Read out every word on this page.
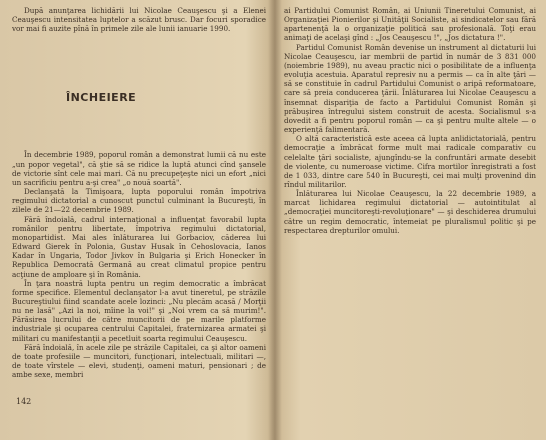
După anunţarea lichidării lui Nicolae Ceauşescu şi a Elenei Ceauşescu intensitatea luptelor a scăzut brusc. Dar focuri sporadice vor mai fi auzite pînă în primele zile ale lunii ianuarie 1990.

ÎNCHEIERE

În decembrie 1989, poporul român a demonstrat lumii că nu este „un popor vegetal", că ştie să se ridice la luptă atunci cînd şansele de victorie sînt cele mai mari. Că nu precupeţeşte nici un efort „nici un sacrificiu pentru a-şi crea" „o nouă soartă".

Declanşată la Timişoara, lupta poporului român împotriva regimului dictatorial a cunoscut punctul culminant la Bucureşti, în zilele de 21—22 decembrie 1989.

Fără îndoială, cadrul internaţional a influenţat favorabil lupta românilor pentru libertate, împotriva regimului dictatorial, monopartidist. Mai ales înlăturarea lui Gorbaciov, căderea lui Edward Gierek în Polonia, Gustav Husak în Cehoslovacia, Ianos Kadar în Ungaria, Todor Jivkov în Bulgaria şi Erich Honecker în Republica Democrată Germană au creat climatul propice pentru acţiune de amploare şi în România.

În ţara noastră lupta pentru un regim democratic a îmbrăcat forme specifice. Elementul declanşator l-a avut tineretul, pe străzile Bucureştiului fiind scandate acele lozinci: „Nu plecăm acasă / Morţii nu ne lasă" „Azi la noi, mîine la voi!" şi „Noi vrem ca să murim!". Părăsirea lucrului de către muncitorii de pe marile platforme industriale şi ocuparea centrului Capitalei, fraternizarea armatei şi militari cu manifestanţii a pecetluit soarta regimului Ceauşescu.

Fără îndoială, în acele zile pe străzile Capitalei, ca şi altor oameni de toate profesiile — muncitori, funcţionari, intelectuali, militari —, de toate vîrstele — elevi, studenţi, oameni maturi, pensionari ; de ambe sexe, membri

142

ai Partidului Comunist Român, ai Uniunii Tineretului Comunist, ai Organizaţiei Pionierilor şi Unităţii Socialiste, ai sindicatelor sau fără apartenenţă la o organizaţie politică sau profesională. Toţi erau animaţi de acelaşi gînd : „Jos Ceauşescu !", „Jos dictatura !".

Partidul Comunist Român devenise un instrument al dictaturii lui Nicolae Ceauşescu, iar membrii de partid în număr de 3 831 000 (noiembrie 1989), nu aveau practic nici o posibilitate de a influenţa evoluţia acestuia. Aparatul represiv nu a permis — ca în alte ţări — să se constituie în cadrul Partidului Comunist o aripă reformatoare, care să preia conducerea ţării. Înlăturarea lui Nicolae Ceauşescu a însemnat dispariţia de facto a Partidului Comunist Român şi prăbuşirea întregului sistem construit de acesta. Socialismul s-a dovedit a fi pentru poporul român — ca şi pentru multe altele — o experienţă falimentară.

O altă caracteristică este aceea că lupta anlidictatorială, pentru democraţie a îmbrăcat forme mult mai radicale comparativ cu celelalte ţări socialiste, ajungîndu-se la confruntări armate desebit de violente, cu numeroase victime. Cifra mortilor înregistrati a fost de 1 033, dintre care 540 în Bucureşti, cei mai mulţi provenind din rîndul militarilor.

Înlăturarea lui Nicolae Ceauşescu, la 22 decembrie 1989, a marcat lichidarea regimului dictatorial — autointitulat al „democraţiei muncitoreşti-revoluţionare" — şi deschiderea drumului către un regim democratic, întemeiat pe pluralismul politic şi pe respectarea drepturilor omului.
